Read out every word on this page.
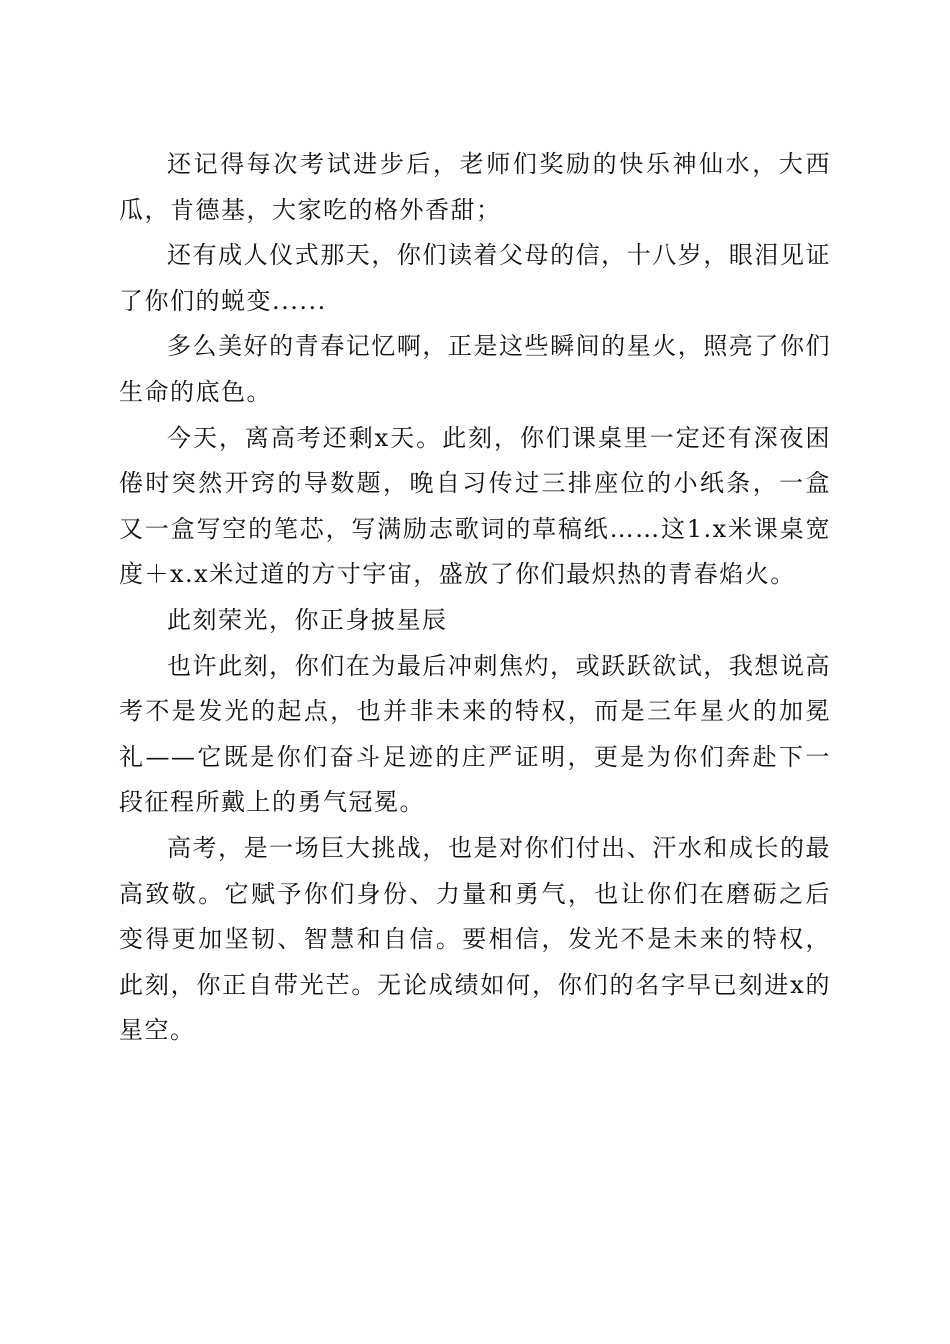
还记得每次考试进步后，老师们奖励的快乐神仙水，大西瓜，肯德基，大家吃的格外香甜；

还有成人仪式那天，你们读着父母的信，十八岁，眼泪见证了你们的蜕变......

多么美好的青春记忆啊，正是这些瞬间的星火，照亮了你们生命的底色。

今天，离高考还剩x天。此刻，你们课桌里一定还有深夜困倦时突然开窍的导数题，晚自习传过三排座位的小纸条，一盒又一盒写空的笔芯，写满励志歌词的草稿纸……这1.x米课桌宽度＋x.x米过道的方寸宇宙，盛放了你们最炽热的青春焰火。

此刻荣光，你正身披星辰

也许此刻，你们在为最后冲刺焦灼，或跃跃欲试，我想说高考不是发光的起点，也并非未来的特权，而是三年星火的加冕礼——它既是你们奋斗足迹的庄严证明，更是为你们奔赴下一段征程所戴上的勇气冠冕。

高考，是一场巨大挑战，也是对你们付出、汗水和成长的最高致敬。它赋予你们身份、力量和勇气，也让你们在磨砺之后变得更加坚韧、智慧和自信。要相信，发光不是未来的特权，此刻，你正自带光芒。无论成绩如何，你们的名字早已刻进x的星空。
